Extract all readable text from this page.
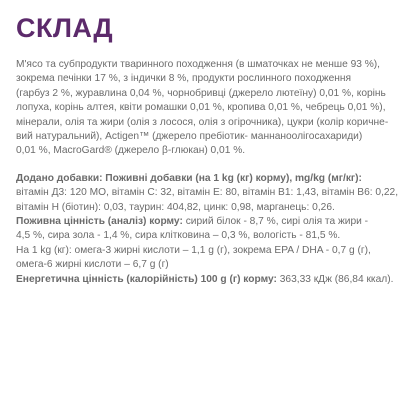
СКЛАД

М'ясо та субпродукти тваринного походження (в шматочках не менше 93 %),
зокрема печінки 17 %, з індички 8 %, продукти рослинного походження
(гарбуз 2 %, журавлина 0,04 %, чорнобривці (джерело лютеїну) 0,01 %, корінь
лопуха, корінь алтея, квіти ромашки 0,01 %, кропива 0,01 %, чебрець 0,01 %),
мінерали, олія та жири (олія з лосося, олія з огірочника), цукри (колір коричне-
вий натуральний), Actigen™ (джерело пребіотик- маннаноолігосахариди)
0,01 %, MacroGard® (джерело β-глюкан) 0,01 %.

Додано добавки: Поживні добавки (на 1 kg (кг) корму), mg/kg (мг/кг):
вітамін Д3: 120 МО, вітамін С: 32, вітамін Е: 80, вітамін В1: 1,43, вітамін В6: 0,22,
вітамін Н (біотин): 0,03, таурин: 404,82, цинк: 0,98, марганець: 0,26.
Поживна цінність (аналіз) корму: сирий білок - 8,7 %, сирі олія та жири -
4,5 %, сира зола - 1,4 %, сира клітковина – 0,3 %, вологість - 81,5 %.
На 1 kg (кг): омега-3 жирні кислоти – 1,1 g (г), зокрема EPA / DHA - 0,7 g (г),
омега-6 жирні кислоти – 6,7 g (г)
Енергетична цінність (калорійність) 100 g (г) корму: 363,33 кДж (86,84 ккал).
